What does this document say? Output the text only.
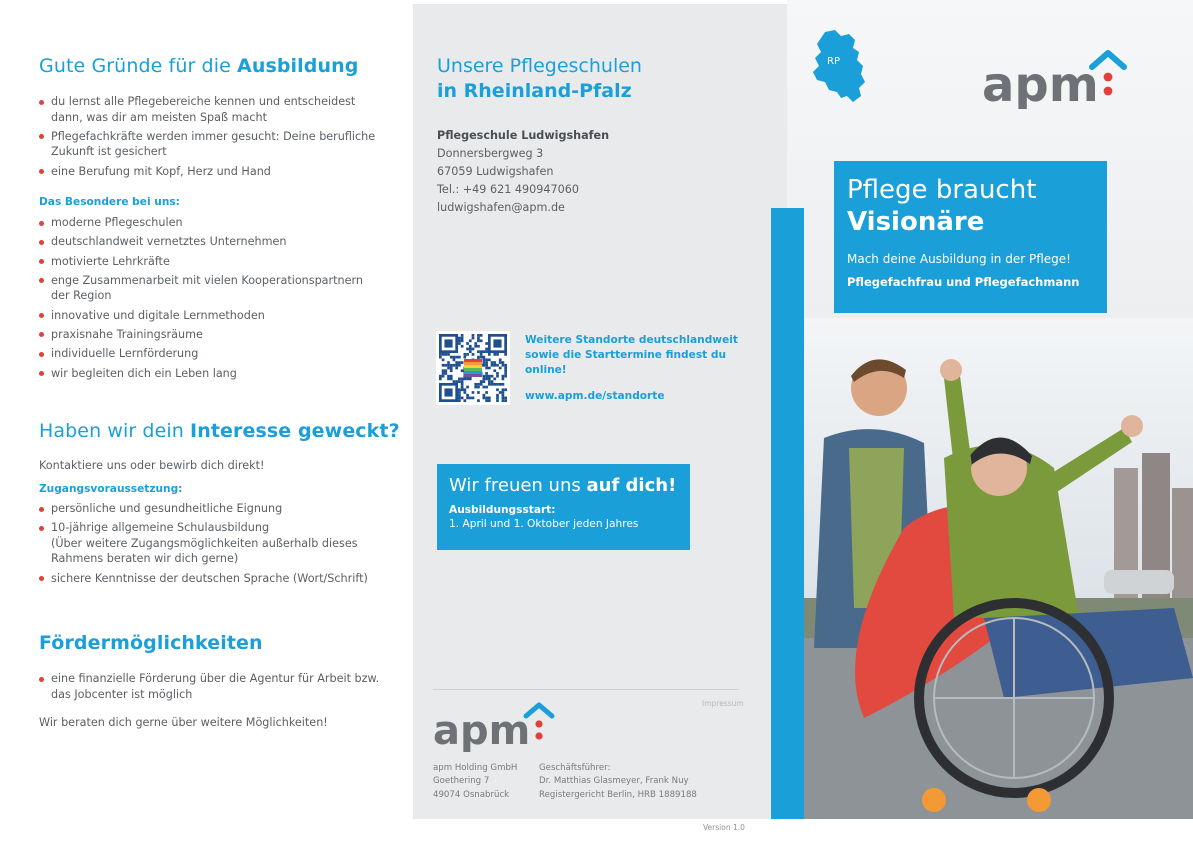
Gute Gründe für die Ausbildung
du lernst alle Pflegebereiche kennen und entscheidest dann, was dir am meisten Spaß macht
Pflegefachkräfte werden immer gesucht: Deine berufliche Zukunft ist gesichert
eine Berufung mit Kopf, Herz und Hand
Das Besondere bei uns:
moderne Pflegeschulen
deutschlandweit vernetztes Unternehmen
motivierte Lehrkräfte
enge Zusammenarbeit mit vielen Kooperationspartnern der Region
innovative und digitale Lernmethoden
praxisnahe Trainingsräume
individuelle Lernförderung
wir begleiten dich ein Leben lang
Haben wir dein Interesse geweckt?
Kontaktiere uns oder bewirb dich direkt!
Zugangsvoraussetzung:
persönliche und gesundheitliche Eignung
10-jährige allgemeine Schulausbildung
(Über weitere Zugangsmöglichkeiten außerhalb dieses Rahmens beraten wir dich gerne)
sichere Kenntnisse der deutschen Sprache (Wort/Schrift)
Fördermöglichkeiten
eine finanzielle Förderung über die Agentur für Arbeit bzw. das Jobcenter ist möglich
Wir beraten dich gerne über weitere Möglichkeiten!
Unsere Pflegeschulen
in Rheinland-Pfalz
Pflegeschule Ludwigshafen
Donnersbergweg 3
67059 Ludwigshafen
Tel.: +49 621 490947060
ludwigshafen@apm.de
Weitere Standorte deutschlandweit sowie die Starttermine findest du online!
www.apm.de/standorte
Wir freuen uns auf dich!
Ausbildungsstart:
1. April und 1. Oktober jeden Jahres
Impressum
apm
apm Holding GmbH
Goethering 7
49074 Osnabrück
Geschäftsführer:
Dr. Matthias Glasmeyer, Frank Nuy
Registergericht Berlin, HRB 1889188
Version 1.0
RP	apm
Pflege braucht
Visionäre
Mach deine Ausbildung in der Pflege!
Pflegefachfrau und Pflegefachmann
